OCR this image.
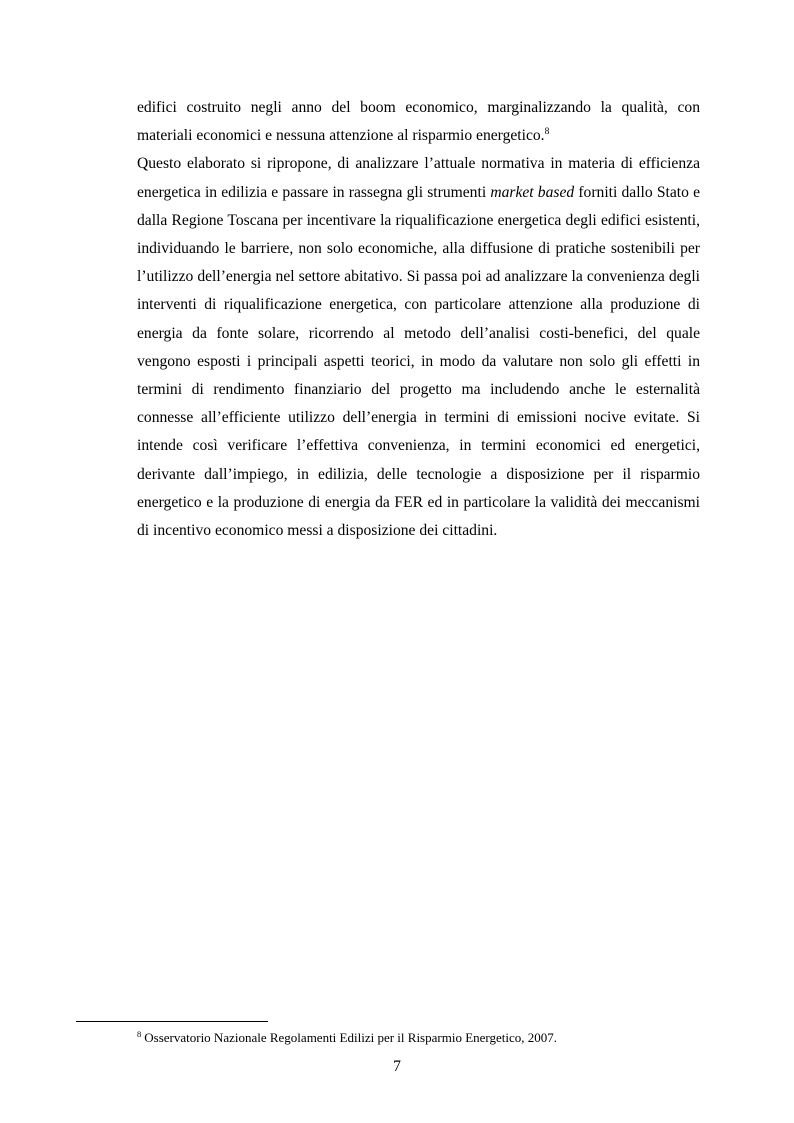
edifici costruito negli anno del boom economico, marginalizzando la qualità, con materiali economici e nessuna attenzione al risparmio energetico.$^8$

Questo elaborato si ripropone, di analizzare l’attuale normativa in materia di efficienza energetica in edilizia e passare in rassegna gli strumenti market based forniti dallo Stato e dalla Regione Toscana per incentivare la riqualificazione energetica degli edifici esistenti, individuando le barriere, non solo economiche, alla diffusione di pratiche sostenibili per l’utilizzo dell’energia nel settore abitativo. Si passa poi ad analizzare la convenienza degli interventi di riqualificazione energetica, con particolare attenzione alla produzione di energia da fonte solare, ricorrendo al metodo dell’analisi costi-benefici, del quale vengono esposti i principali aspetti teorici, in modo da valutare non solo gli effetti in termini di rendimento finanziario del progetto ma includendo anche le esternalità connesse all’efficiente utilizzo dell’energia in termini di emissioni nocive evitate. Si intende così verificare l’effettiva convenienza, in termini economici ed energetici, derivante dall’impiego, in edilizia, delle tecnologie a disposizione per il risparmio energetico e la produzione di energia da FER ed in particolare la validità dei meccanismi di incentivo economico messi a disposizione dei cittadini.

$^8$ Osservatorio Nazionale Regolamenti Edilizi per il Risparmio Energetico, 2007.
7
